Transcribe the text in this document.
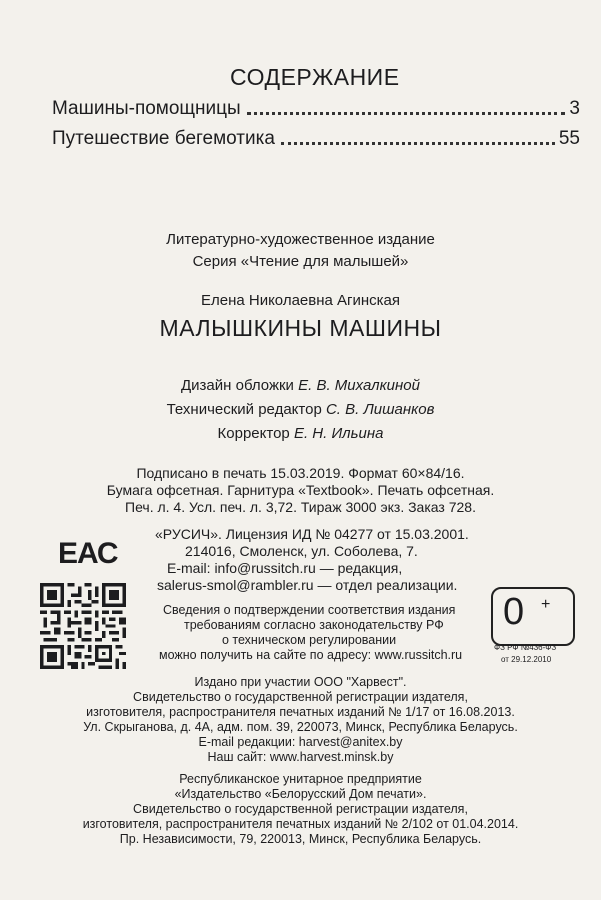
СОДЕРЖАНИЕ
Машины-помощницы	3
Путешествие бегемотика	55
Литературно-художественное издание
Серия «Чтение для малышей»
Елена Николаевна Агинская
МАЛЫШКИНЫ МАШИНЫ
Дизайн обложки Е. В. Михалкиной
Технический редактор С. В. Лишанков
Корректор Е. Н. Ильина
Подписано в печать 15.03.2019. Формат 60×84/16.
Бумага офсетная. Гарнитура «Textbook». Печать офсетная.
Печ. л. 4. Усл. печ. л. 3,72. Тираж 3000 экз. Заказ 728.
«РУСИЧ». Лицензия ИД № 04277 от 15.03.2001.
214016, Смоленск, ул. Соболева, 7.
E-mail: info@russitch.ru — редакция,
salerus-smol@rambler.ru — отдел реализации.
ЕАС
Сведения о подтверждении соответствия издания
требованиям согласно законодательству РФ
о техническом регулировании
можно получить на сайте по адресу: www.russitch.ru
0 +
ФЗ РФ №436-ФЗ
от 29.12.2010
Издано при участии ООО "Харвест".
Свидетельство о государственной регистрации издателя,
изготовителя, распространителя печатных изданий № 1/17 от 16.08.2013.
Ул. Скрыганова, д. 4А, адм. пом. 39, 220073, Минск, Республика Беларусь.
E-mail редакции: harvest@anitex.by
Наш сайт: www.harvest.minsk.by
Республиканское унитарное предприятие
«Издательство «Белорусский Дом печати».
Свидетельство о государственной регистрации издателя,
изготовителя, распространителя печатных изданий № 2/102 от 01.04.2014.
Пр. Независимости, 79, 220013, Минск, Республика Беларусь.
